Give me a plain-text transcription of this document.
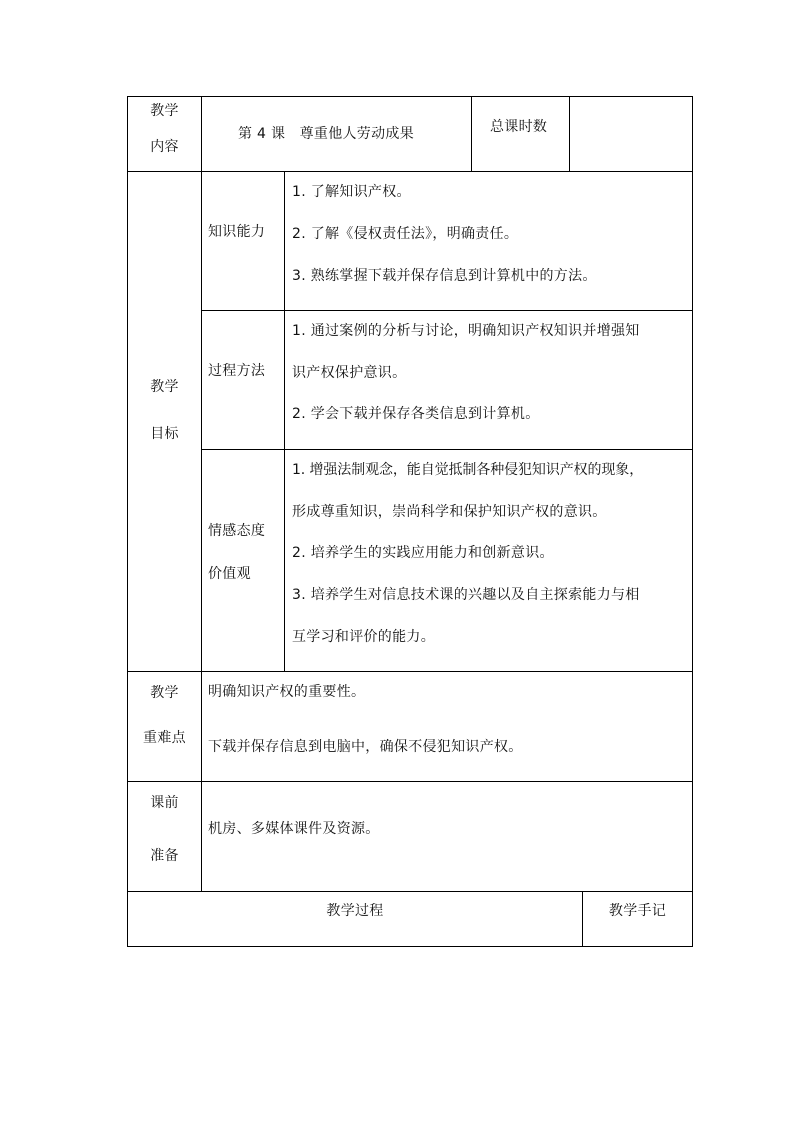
教学
内容
第 4 课　尊重他人劳动成果	总课时数
教学
目标
知识能力
1. 了解知识产权。
2. 了解《侵权责任法》，明确责任。
3. 熟练掌握下载并保存信息到计算机中的方法。
过程方法
1. 通过案例的分析与讨论，明确知识产权知识并增强知
识产权保护意识。
2. 学会下载并保存各类信息到计算机。
情感态度
价值观
1. 增强法制观念，能自觉抵制各种侵犯知识产权的现象，
形成尊重知识，崇尚科学和保护知识产权的意识。
2. 培养学生的实践应用能力和创新意识。
3. 培养学生对信息技术课的兴趣以及自主探索能力与相
互学习和评价的能力。
教学
重难点
明确知识产权的重要性。
下载并保存信息到电脑中，确保不侵犯知识产权。
课前
准备
机房、多媒体课件及资源。
教学过程	教学手记
